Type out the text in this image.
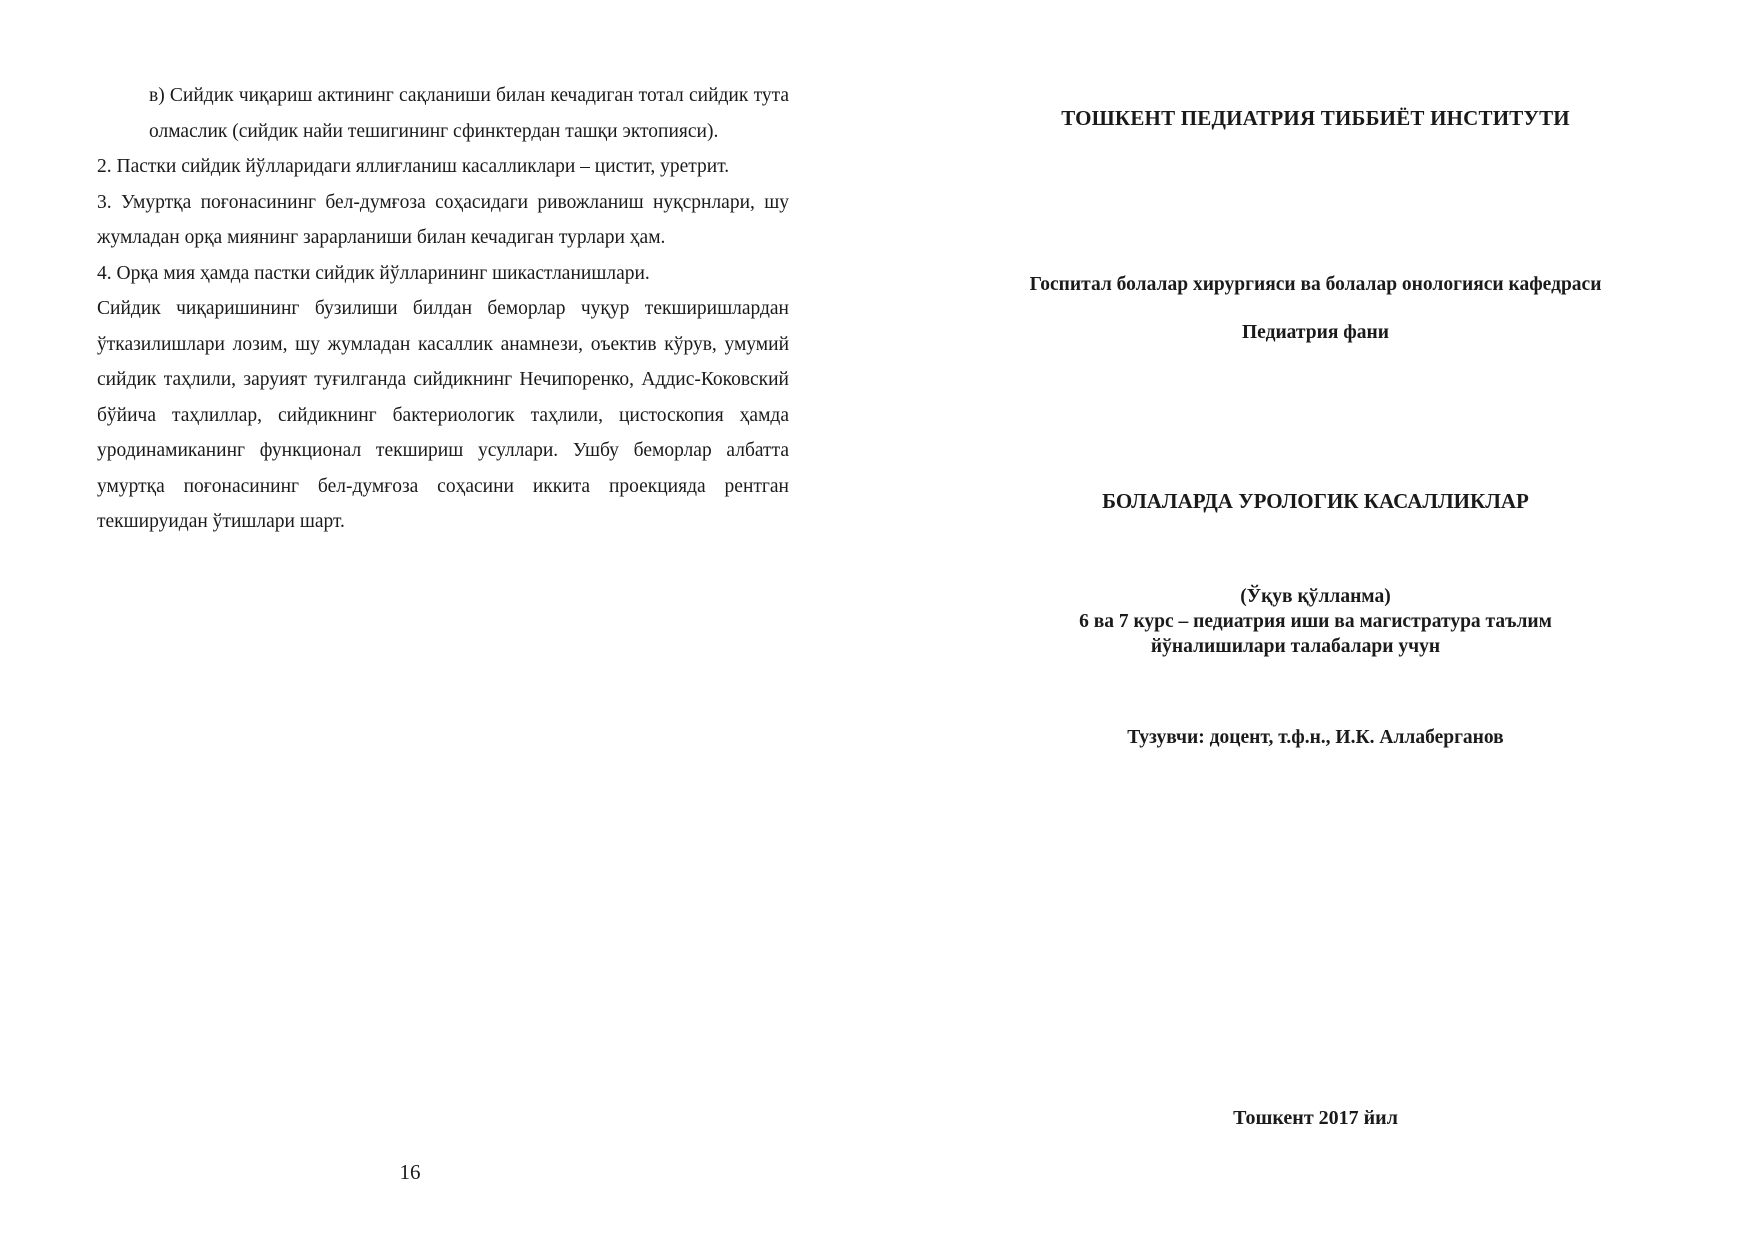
в) Сийдик чиқариш актининг сақланиши билан кечадиган тотал сийдик тута олмаслик (сийдик найи тешигининг сфинктердан ташқи эктопияси).

2. Пастки сийдик йўлларидаги яллиғланиш касалликлари – цистит, уретрит.

3. Умуртқа поғонасининг бел-думғоза соҳасидаги ривожланиш нуқсрнлари, шу жумладан орқа миянинг зарарланиши билан кечадиган турлари ҳам.

4. Орқа мия ҳамда пастки сийдик йўлларининг шикастланишлари.

Сийдик чиқаришининг бузилиши билдан беморлар чуқур текширишлардан ўтказилишлари лозим, шу жумладан касаллик анамнези, оъектив кўрув, умумий сийдик таҳлили, заруият туғилганда сийдикнинг Нечипоренко, Аддис-Коковский бўйича таҳлиллар, сийдикнинг бактериологик таҳлили, цистоскопия ҳамда уродинамиканинг функционал текшириш усуллари. Ушбу беморлар албатта умуртқа поғонасининг бел-думғоза соҳасини иккита проекцияда рентган текшируидан ўтишлари шарт.

16
ТОШКЕНТ ПЕДИАТРИЯ ТИББИЁТ ИНСТИТУТИ
Госпитал болалар хирургияси ва болалар онологияси кафедраси
Педиатрия фани
БОЛАЛАРДА УРОЛОГИК КАСАЛЛИКЛАР
(Ўқув қўлланма)
6 ва 7 курс – педиатрия иши ва магистратура таълим
йўналишилари талабалари учун
Тузувчи: доцент, т.ф.н., И.К. Аллаберганов
Тошкент 2017 йил
